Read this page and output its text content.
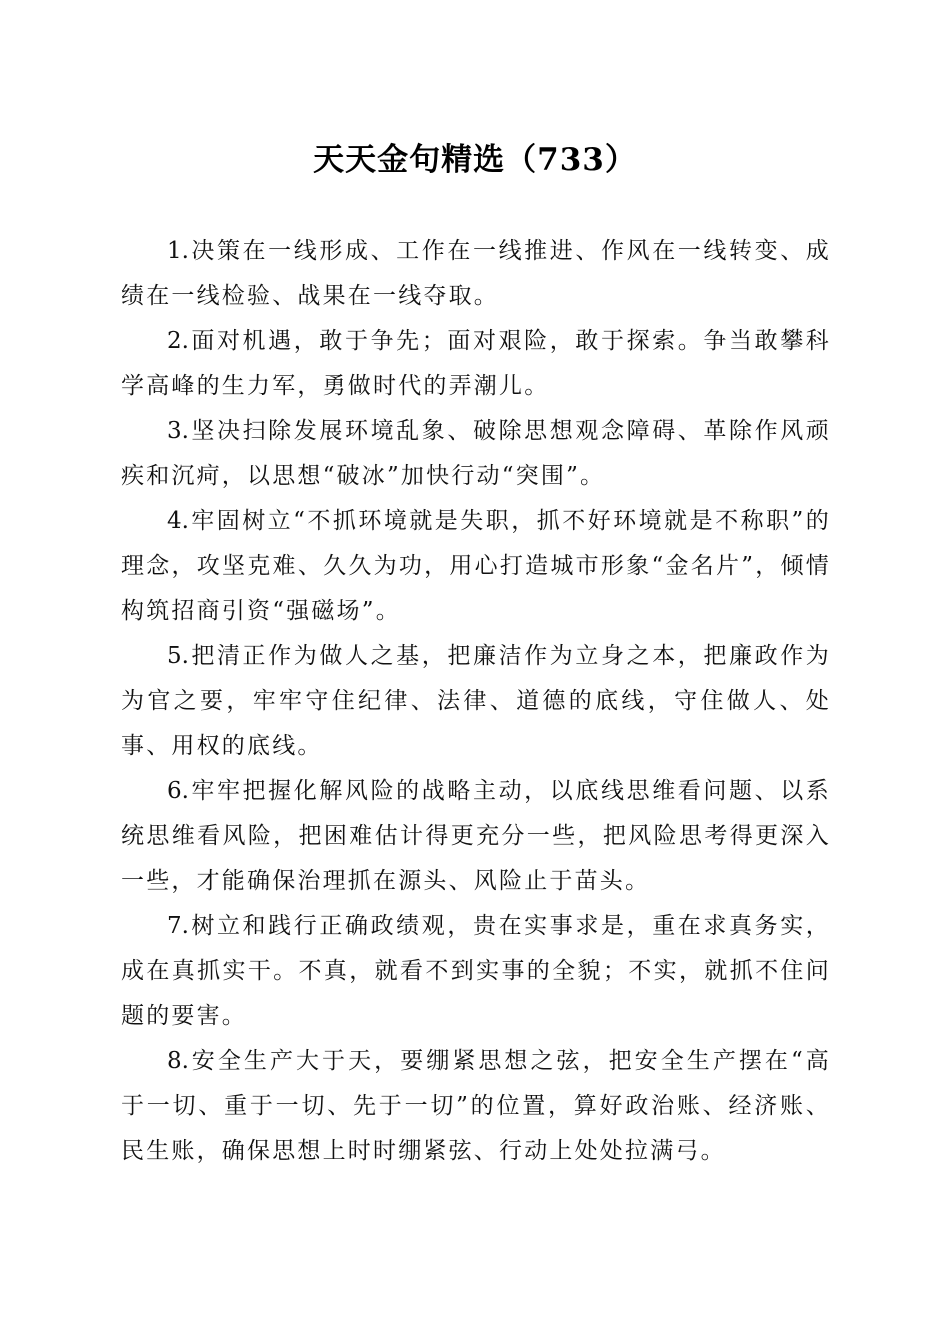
天天金句精选（733）

1.决策在一线形成、工作在一线推进、作风在一线转变、成绩在一线检验、战果在一线夺取。

2.面对机遇，敢于争先；面对艰险，敢于探索。争当敢攀科学高峰的生力军，勇做时代的弄潮儿。

3.坚决扫除发展环境乱象、破除思想观念障碍、革除作风顽疾和沉疴，以思想“破冰”加快行动“突围”。

4.牢固树立“不抓环境就是失职，抓不好环境就是不称职”的理念，攻坚克难、久久为功，用心打造城市形象“金名片”，倾情构筑招商引资“强磁场”。

5.把清正作为做人之基，把廉洁作为立身之本，把廉政作为为官之要，牢牢守住纪律、法律、道德的底线，守住做人、处事、用权的底线。

6.牢牢把握化解风险的战略主动，以底线思维看问题、以系统思维看风险，把困难估计得更充分一些，把风险思考得更深入一些，才能确保治理抓在源头、风险止于苗头。

7.树立和践行正确政绩观，贵在实事求是，重在求真务实，成在真抓实干。不真，就看不到实事的全貌；不实，就抓不住问题的要害。

8.安全生产大于天，要绷紧思想之弦，把安全生产摆在“高于一切、重于一切、先于一切”的位置，算好政治账、经济账、民生账，确保思想上时时绷紧弦、行动上处处拉满弓。
